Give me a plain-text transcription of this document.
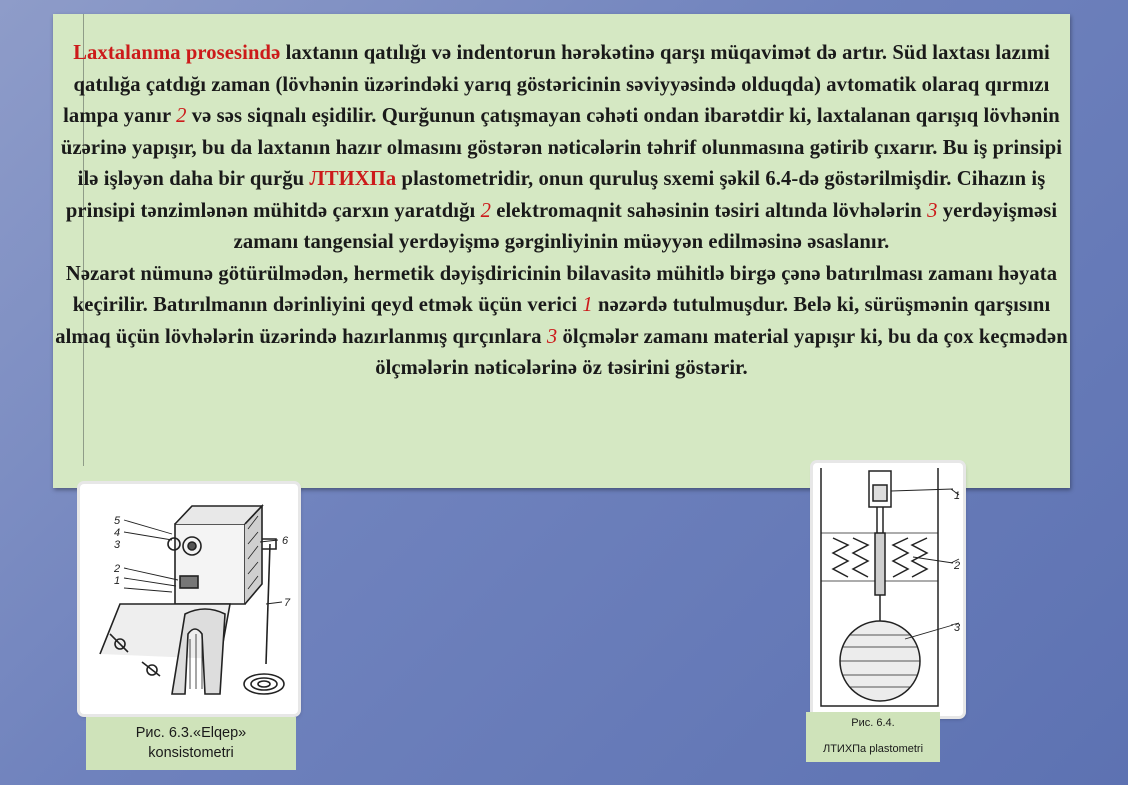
Laxtalanma prosesində laxtanın qatılığı və indentorun hərəkətinə qarşı müqavimət də artır. Süd laxtası lazımi qatılığa çatdığı zaman (lövhənin üzərindəki yarıq göstəricinin səviyyəsində olduqda) avtomatik olaraq qırmızı lampa yanır 2 və səs siqnalı eşidilir. Qurğunun çatışmayan cəhəti ondan ibarətdir ki, laxtalanan qarışıq lövhənin üzərinə yapışır, bu da laxtanın hazır olmasını göstərən nəticələrin təhrif olunmasına gətirib çıxarır. Bu iş prinsipi ilə işləyən daha bir qurğu ЛТИХПа plastometridir, onun quruluş sxemi şəkil 6.4-də göstərilmişdir. Cihazın iş prinsipi tənzimlənən mühitdə çarxın yaratdığı 2 elektromaqnit sahəsinin təsiri altında lövhələrin 3 yerdəyişməsi zamanı tangensial yerdəyişmə gərginliyinin müəyyən edilməsinə əsaslanır.
Nəzarət nümunə götürülmədən, hermetik dəyişdiricinin bilavasitə mühitlə birgə çənə batırılması zamanı həyata keçirilir. Batırılmanın dərinliyini qeyd etmək üçün verici 1 nəzərdə tutulmuşdur. Belə ki, sürüşmənin qarşısını almaq üçün lövhələrin üzərində hazırlanmış qırçınlara 3 ölçmələr zamanı material yapışır ki, bu da çox keçmədən ölçmələrin nəticələrinə öz təsirini göstərir.
5
4
3
2
1
6
7
1
2
3
Рис. 6.3.«Elqep»
konsistometri
Рис. 6.4.
ЛТИХПа plastometri
